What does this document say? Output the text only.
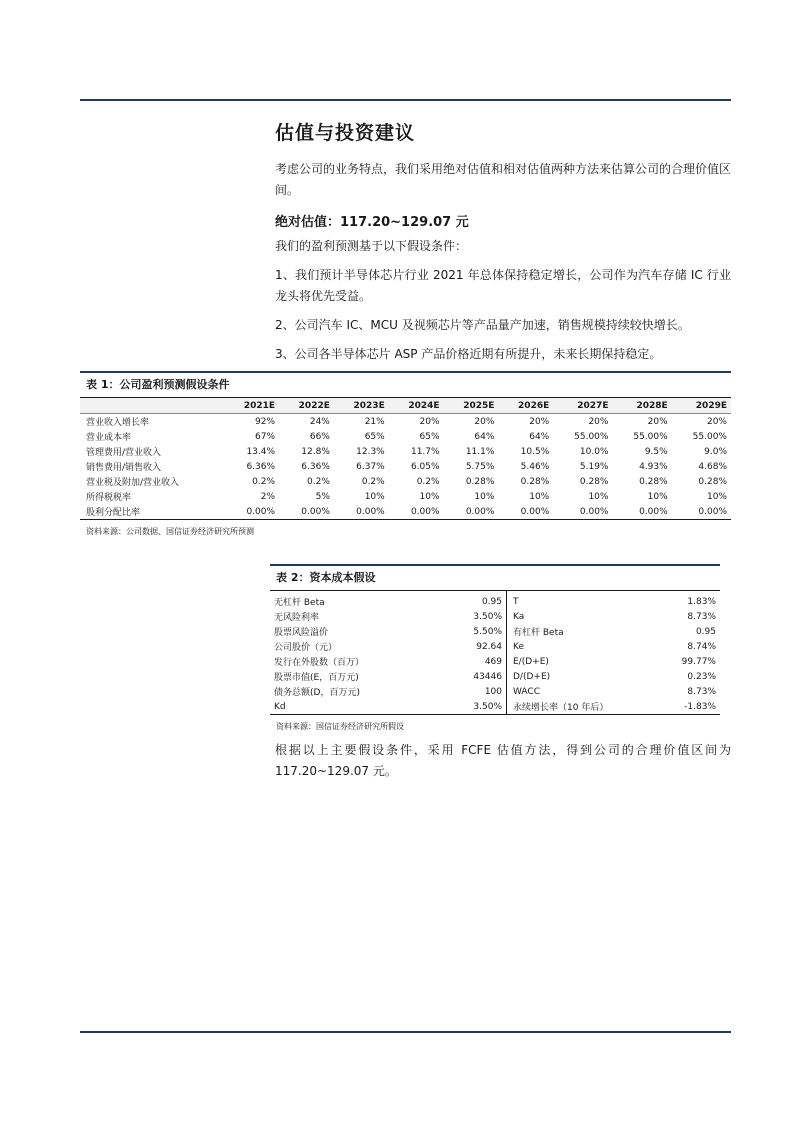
估值与投资建议

考虑公司的业务特点，我们采用绝对估值和相对估值两种方法来估算公司的合理价值区间。

绝对估值：117.20~129.07 元

我们的盈利预测基于以下假设条件：

1、我们预计半导体芯片行业 2021 年总体保持稳定增长，公司作为汽车存储 IC 行业龙头将优先受益。

2、公司汽车 IC、MCU 及视频芯片等产品量产加速，销售规模持续较快增长。

3、公司各半导体芯片 ASP 产品价格近期有所提升，未来长期保持稳定。

表 1：公司盈利预测假设条件
	2021E	2022E	2023E	2024E	2025E	2026E	2027E	2028E	2029E
营业收入增长率	92%	24%	21%	20%	20%	20%	20%	20%	20%
营业成本率	67%	66%	65%	65%	64%	64%	55.00%	55.00%	55.00%
管理费用/营业收入	13.4%	12.8%	12.3%	11.7%	11.1%	10.5%	10.0%	9.5%	9.0%
销售费用/销售收入	6.36%	6.36%	6.37%	6.05%	5.75%	5.46%	5.19%	4.93%	4.68%
营业税及附加/营业收入	0.2%	0.2%	0.2%	0.2%	0.28%	0.28%	0.28%	0.28%	0.28%
所得税税率	2%	5%	10%	10%	10%	10%	10%	10%	10%
股利分配比率	0.00%	0.00%	0.00%	0.00%	0.00%	0.00%	0.00%	0.00%	0.00%
资料来源：公司数据、国信证券经济研究所预测
表 2：资本成本假设
无杠杆 Beta	0.95	T	1.83%
无风险利率	3.50%	Ka	8.73%
股票风险溢价	5.50%	有杠杆 Beta	0.95
公司股价（元）	92.64	Ke	8.74%
发行在外股数（百万）	469	E/(D+E)	99.77%
股票市值(E，百万元)	43446	D/(D+E)	0.23%
债务总额(D，百万元)	100	WACC	8.73%
Kd	3.50%	永续增长率（10 年后）	-1.83%
资料来源：国信证券经济研究所假设

根据以上主要假设条件，采用 FCFE 估值方法，得到公司的合理价值区间为 117.20~129.07 元。
